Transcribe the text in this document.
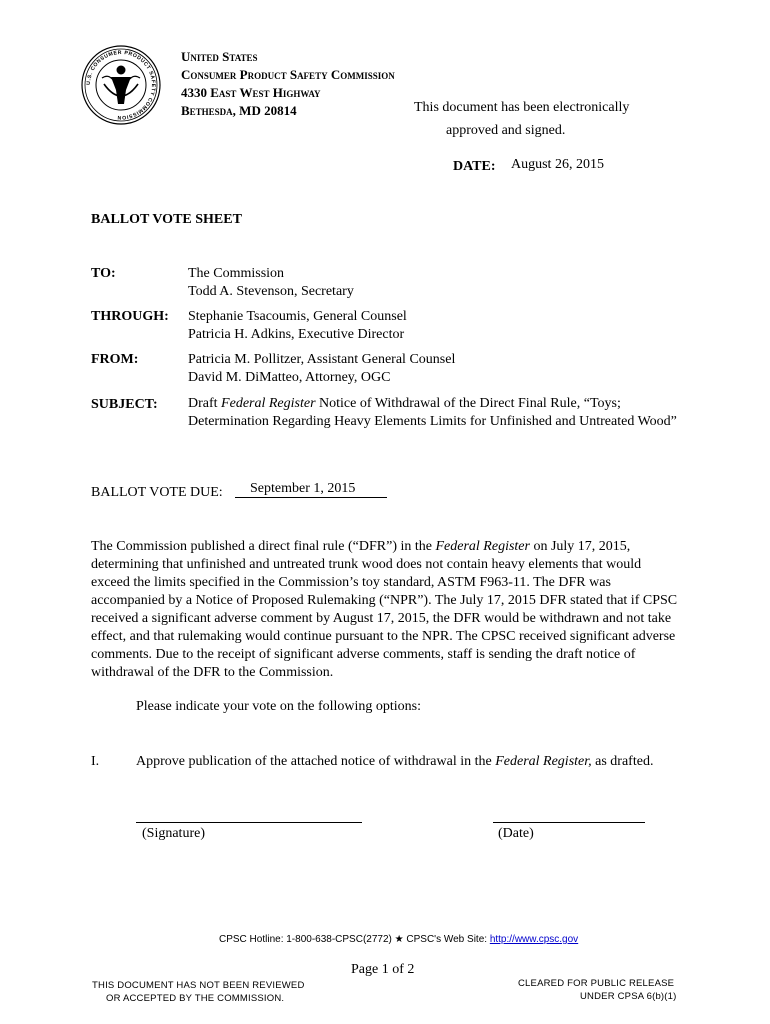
U.S. CONSUMER PRODUCT SAFETY COMMISSION
United States
Consumer Product Safety Commission
4330 East West Highway
Bethesda, MD 20814	This document has been electronically
approved and signed.
DATE: August 26, 2015
BALLOT VOTE SHEET
TO:	The Commission
Todd A. Stevenson, Secretary
THROUGH: Stephanie Tsacoumis, General Counsel
Patricia H. Adkins, Executive Director
FROM:	Patricia M. Pollitzer, Assistant General Counsel
David M. DiMatteo, Attorney, OGC
SUBJECT: Draft Federal Register Notice of Withdrawal of the Direct Final Rule, “Toys; Determination Regarding Heavy Elements Limits for Unfinished and Untreated Wood”
BALLOT VOTE DUE: September 1, 2015

The Commission published a direct final rule (“DFR”) in the Federal Register on July 17, 2015, determining that unfinished and untreated trunk wood does not contain heavy elements that would exceed the limits specified in the Commission’s toy standard, ASTM F963-11. The DFR was accompanied by a Notice of Proposed Rulemaking (“NPR”). The July 17, 2015 DFR stated that if CPSC received a significant adverse comment by August 17, 2015, the DFR would be withdrawn and not take effect, and that rulemaking would continue pursuant to the NPR. The CPSC received significant adverse comments. Due to the receipt of significant adverse comments, staff is sending the draft notice of withdrawal of the DFR to the Commission.

Please indicate your vote on the following options:
I.	Approve publication of the attached notice of withdrawal in the Federal Register, as drafted.
(Signature)	(Date)
CPSC Hotline: 1-800-638-CPSC(2772) ★ CPSC's Web Site: http://www.cpsc.gov
Page 1 of 2
THIS DOCUMENT HAS NOT BEEN REVIEWED
OR ACCEPTED BY THE COMMISSION.
CLEARED FOR PUBLIC RELEASE
UNDER CPSA 6(b)(1)
